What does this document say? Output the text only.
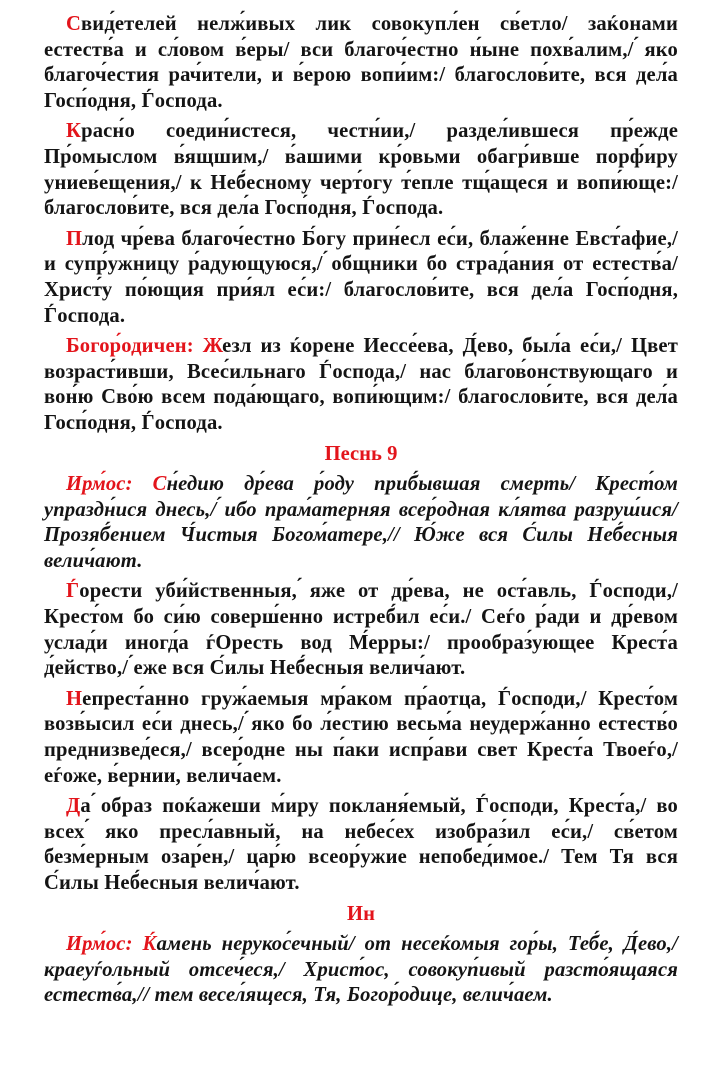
Свид́етелей нелж́ивых лик совокупл́ен св́етло/ заќонами естеств́а и сл́овом в́еры/ вси благоч́естно н́ыне похв́алим,/ ́яко благоч́естия рач́ители, и в́ерою вопи́им:/ благослов́ите, вся дел́а Госп́одня, Ѓоспода.

Красн́о соедин́истеся, честн́ии,/ раздел́ившеся пр́еждe Пр́омыслом в́ящшим,/ в́ашими кр́овьми обагр́ивше порф́иру униев́ещения,/ к Неб́есному черт́огу т́епле тщ́ащеся и вопи́юще:/ благослов́ите, вся дел́а Госп́одня, Ѓоспода.

Плод чр́ева благоч́естно Б́огу прин́есл ес́и, блаж́енне Евст́афие,/ и супр́ужницу р́адующуюся,/ ́общники бо страд́ания от естеств́а/ Христ́у по́ющия при́ял ес́и:/ благослов́ите, вся дел́а Госп́одня, Ѓоспода.

Богор́одичен: Жезл из ќорене Иессе́ева, Д́ево, был́а ес́и,/ Цвет возраст́ивши, Всес́ильнаго Ѓоспода,/ нас благов́онствующаго и вон́ю Сво́ю всем пода́ющаго, вопи́ющим:/ благослов́ите, вся дел́а Госп́одня, Ѓоспода.

Песнь 9

Ирм́ос: Сн́едию др́ева р́оду приб́ывшая смерть/ Крест́ом упраздн́ися днесь,/ ́ибо прам́атерняя всер́одная кл́ятва разруш́ися/ Прозяб́ением Ч́истыя Богом́атере,// Ю́же вся С́илы Неб́есныя велич́ают.

Ѓорести уби́йственныя, ́яже от др́ева, не ост́авль, Ѓосподи,/ Крест́ом бо си́ю соверш́енно истреб́ил ес́и./ Сеѓо р́ади и др́евом услад́и иногд́а ѓОресть вод М́ерры:/ прообраз́ующее Крест́а д́ейство,/ ́еже вся С́илы Неб́есныя велич́ают.

Непрест́анно груж́аемыя мр́аком пр́аотца, Ѓосподи,/ Крест́ом возв́ысил ес́и днесь,/ ́яко бо л́естию весьм́а неудерж́анно естеств́о преднизвед́еся,/ всер́одне ны п́аки испр́ави свет Крест́а Твоеѓо,/ еѓоже, в́ернии, велич́аем.

Да ́образ поќажеши м́иру покланя́емый, Ѓосподи, Крест́а,/ во всех ́яко пресл́авный, на небес́ех изобраз́ил ес́и,/ св́етом безм́ерным озар́ен,/ цар́ю всеор́ужие непобед́имое./ Тем Тя вся С́илы Неб́есныя велич́ают.

Ин

Ирм́ос: Ќамень нерукос́ечный/ от несеќомыя гор́ы, Теб́е, Д́ево,/ краеуѓольный отсеч́еся,/ Христ́ос, совокуп́ивый разсто́ящаяся естеств́а,// тем весел́ящеся, Тя, Богор́одице, велич́аем.
